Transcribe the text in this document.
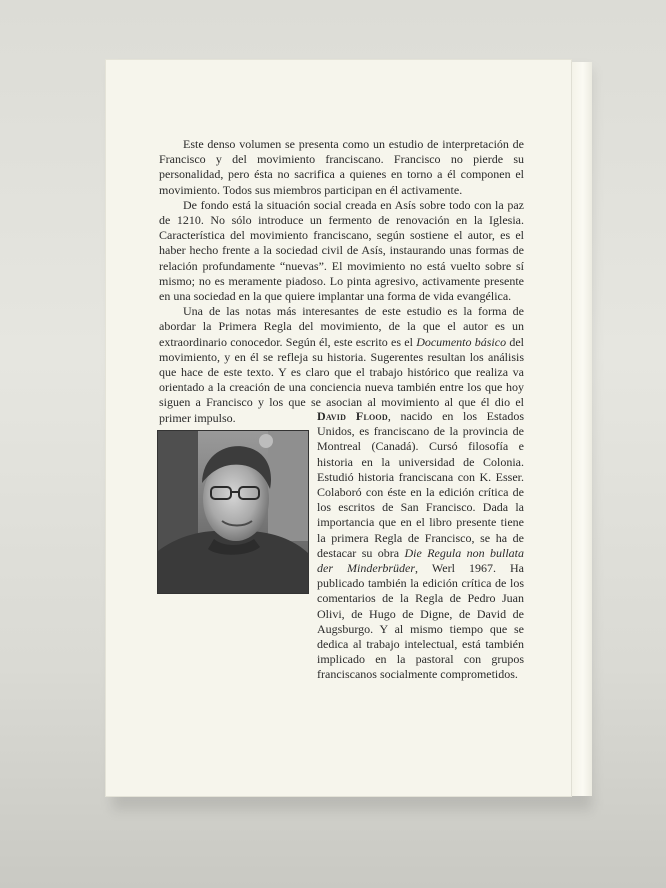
Este denso volumen se presenta como un estudio de interpretación de Francisco y del movimiento franciscano. Francisco no pierde su personalidad, pero ésta no sacrifica a quienes en torno a él componen el movimiento. Todos sus miembros participan en él activamente.

De fondo está la situación social creada en Asís sobre todo con la paz de 1210. No sólo introduce un fermento de renovación en la Iglesia. Característica del movimiento franciscano, según sostiene el autor, es el haber hecho frente a la sociedad civil de Asís, instaurando unas formas de relación profundamente “nuevas”. El movimiento no está vuelto sobre sí mismo; no es meramente piadoso. Lo pinta agresivo, activamente presente en una sociedad en la que quiere implantar una forma de vida evangélica.

Una de las notas más interesantes de este estudio es la forma de abordar la Primera Regla del movimiento, de la que el autor es un extraordinario conocedor. Según él, este escrito es el Documento básico del movimiento, y en él se refleja su historia. Sugerentes resultan los análisis que hace de este texto. Y es claro que el trabajo histórico que realiza va orientado a la creación de una conciencia nueva también entre los que hoy siguen a Francisco y los que se asocian al movimiento al que él dio el primer impulso.	David Flood, nacido en los Estados Unidos, es franciscano de la provincia de Montreal (Canadá). Cursó filosofía e historia en la universidad de Colonia. Estudió historia franciscana con K. Esser. Colaboró con éste en la edición crítica de los escritos de San Francisco. Dada la importancia que en el libro presente tiene la primera Regla de Francisco, se ha de destacar su obra Die Regula non bullata der Minderbrüder, Werl 1967. Ha publicado también la edición crítica de los comentarios de la Regla de Pedro Juan Olivi, de Hugo de Digne, de David de Augsburgo. Y al mismo tiempo que se dedica al trabajo intelectual, está también implicado en la pastoral con grupos franciscanos socialmente comprometidos.
